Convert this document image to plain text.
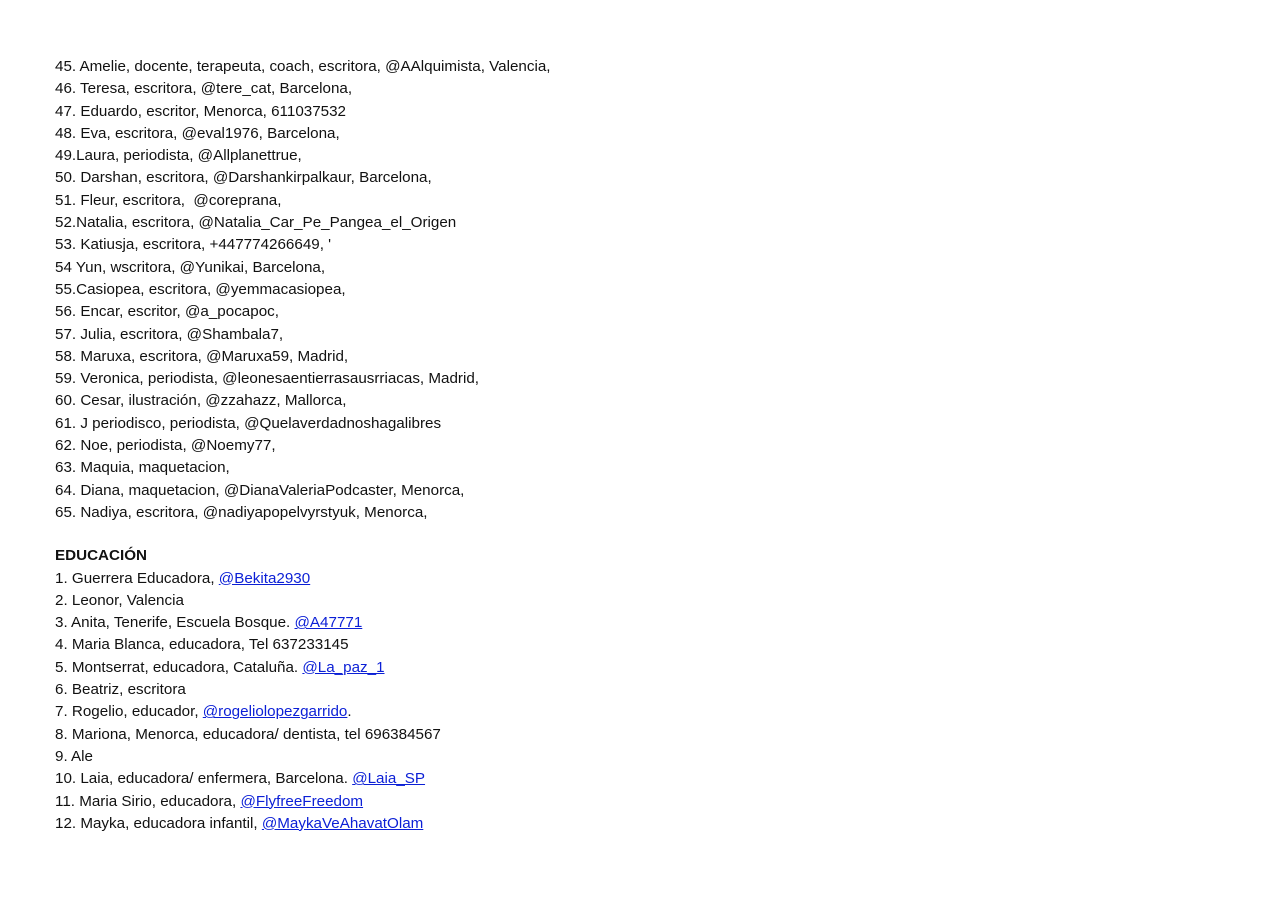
45. Amelie, docente, terapeuta, coach, escritora, @AAlquimista, Valencia,
46. Teresa, escritora, @tere_cat, Barcelona,
47. Eduardo, escritor, Menorca, 611037532
48. Eva, escritora, @eval1976, Barcelona,
49.Laura, periodista, @Allplanettrue,
50. Darshan, escritora, @Darshankirpalkaur, Barcelona,
51. Fleur, escritora,  @coreprana,
52.Natalia, escritora, @Natalia_Car_Pe_Pangea_el_Origen
53. Katiusja, escritora, +447774266649, '
54 Yun, wscritora, @Yunikai, Barcelona,
55.Casiopea, escritora, @yemmacasiopea,
56. Encar, escritor, @a_pocapoc,
57. Julia, escritora, @Shambala7,
58. Maruxa, escritora, @Maruxa59, Madrid,
59. Veronica, periodista, @leonesaentierrasausrriacas, Madrid,
60. Cesar, ilustración, @zzahazz, Mallorca,
61. J periodisco, periodista, @Quelaverdadnoshagalibres
62. Noe, periodista, @Noemy77,
63. Maquia, maquetacion,
64. Diana, maquetacion, @DianaValeriaPodcaster, Menorca,
65. Nadiya, escritora, @nadiyapopelvyrstyuk, Menorca,
EDUCACIÓN
1. Guerrera Educadora, @Bekita2930
2. Leonor, Valencia
3. Anita, Tenerife, Escuela Bosque. @A47771
4. Maria Blanca, educadora, Tel 637233145
5. Montserrat, educadora, Cataluña. @La_paz_1
6. Beatriz, escritora
7. Rogelio, educador, @rogeliolopezgarrido.
8. Mariona, Menorca, educadora/ dentista, tel 696384567
9. Ale
10. Laia, educadora/ enfermera, Barcelona. @Laia_SP
11. Maria Sirio, educadora, @FlyfreeFreedom
12. Mayka, educadora infantil, @MaykaVeAhavatOlam
